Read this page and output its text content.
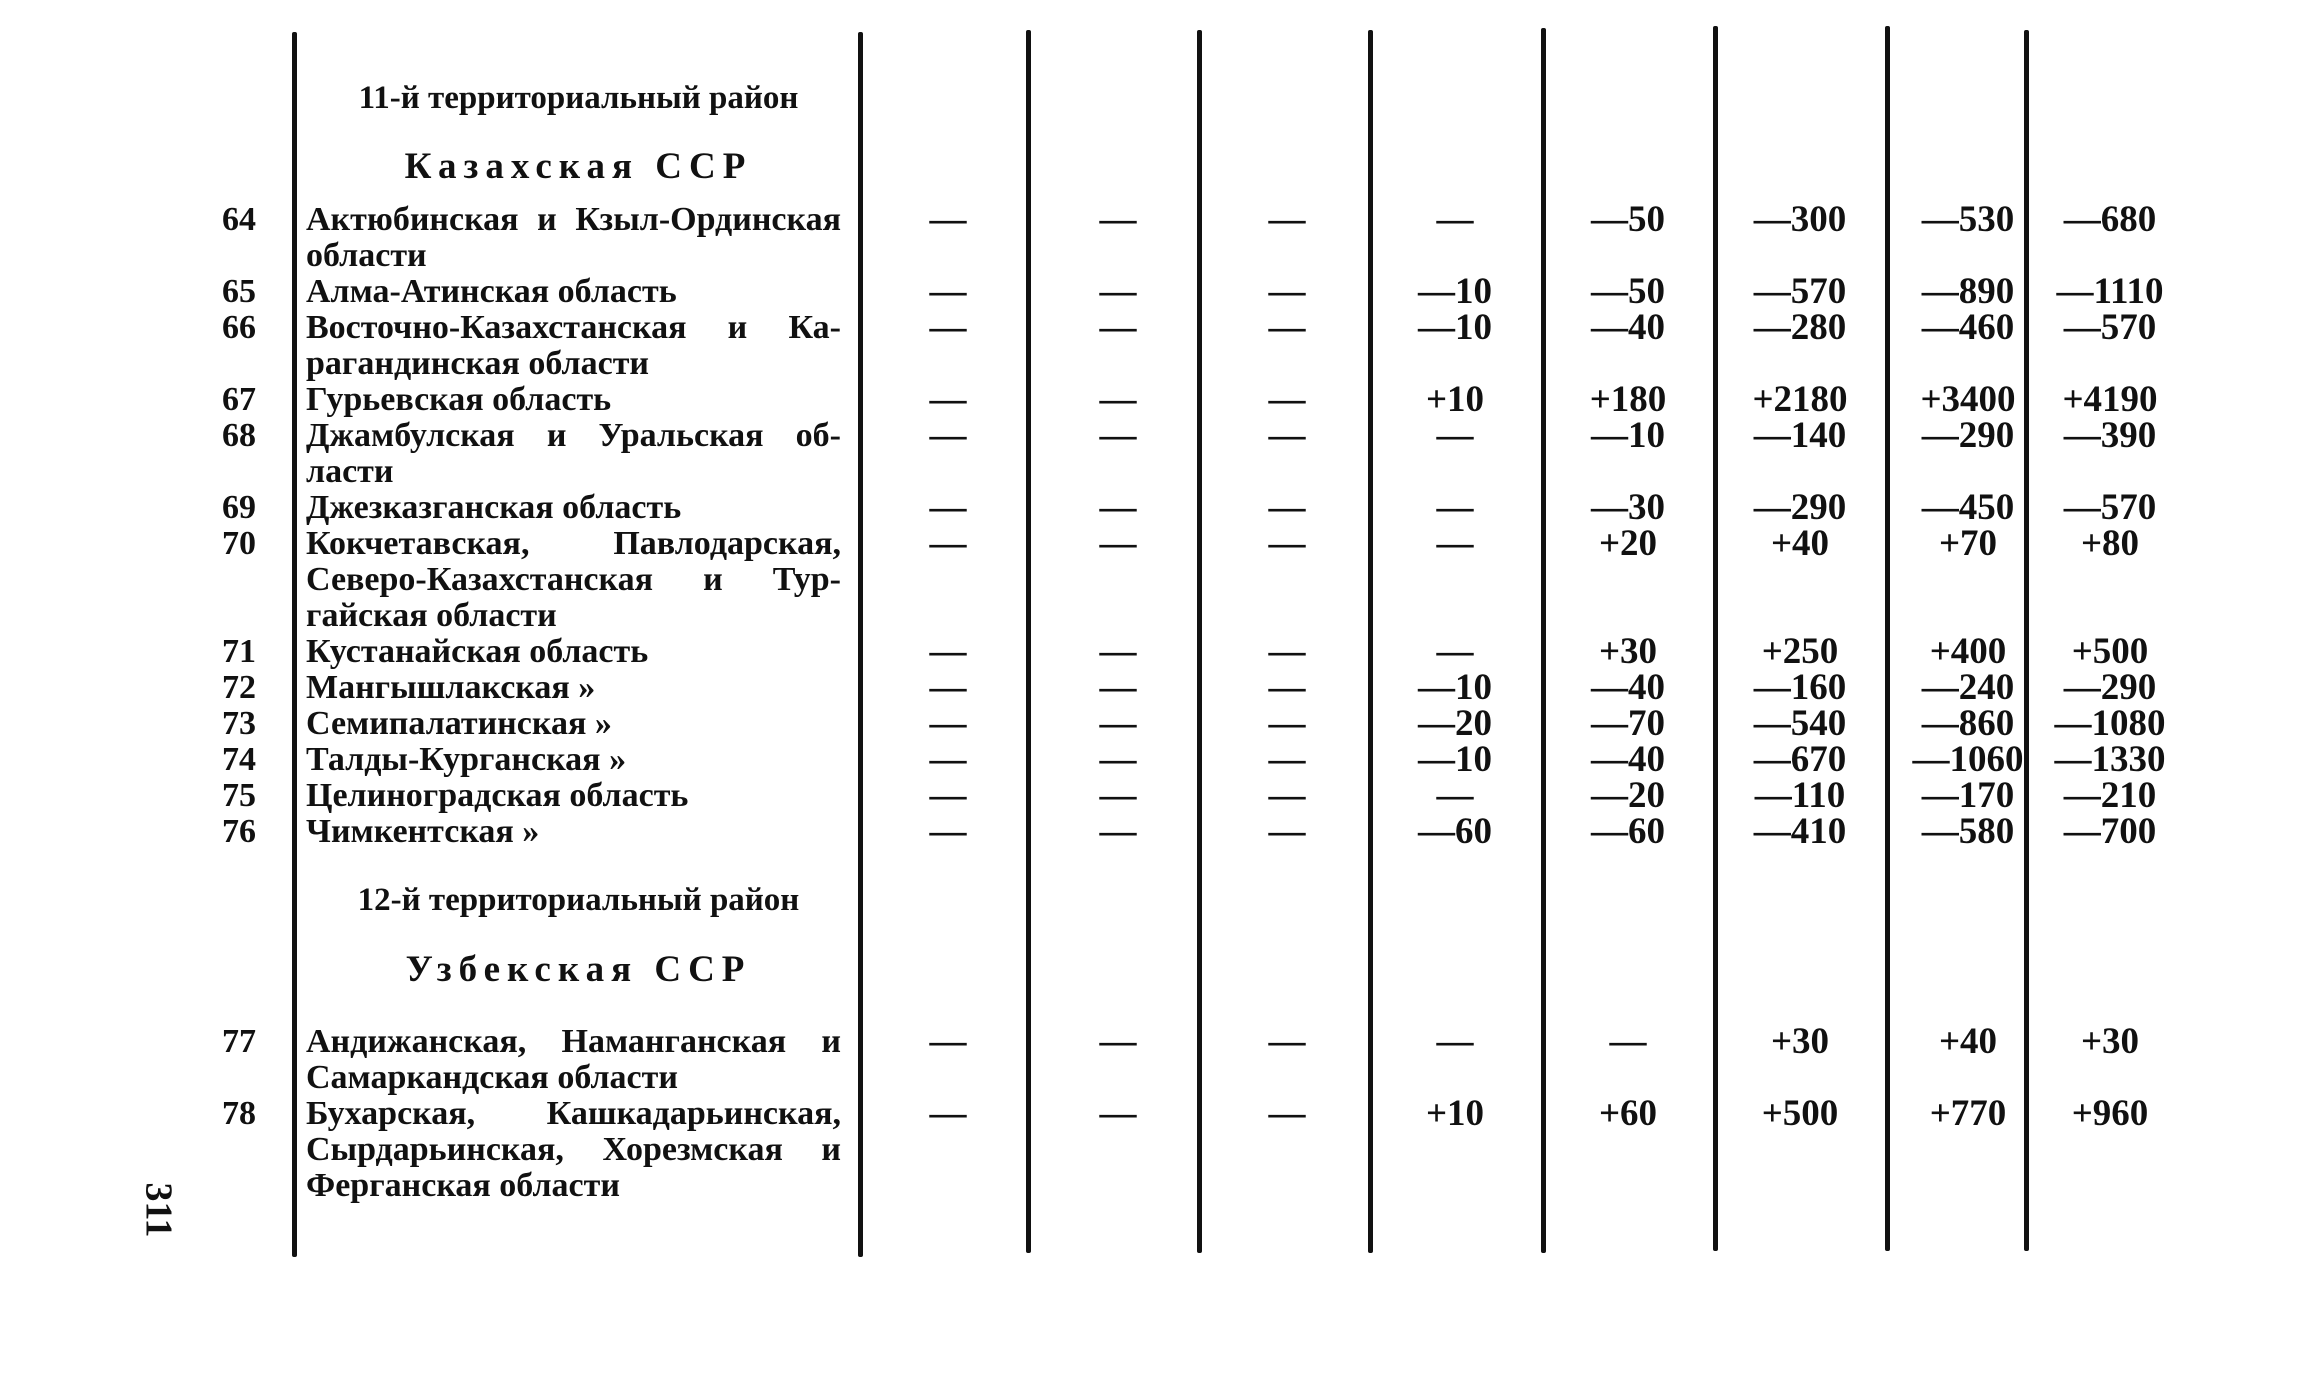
11-й территориальный район
Казахская ССР
12-й территориальный район
Узбекская ССР
64 Актюбинская и Кзыл-Ординская
области
—	—	—	—	—50	—300	—530	—680
65 Алма-Атинская область	—	—	—	—10	—50	—570	—890	—1110
66 Восточно-Казахстанская и Ка-
рагандинская области
—	—	—	—10	—40	—280	—460	—570
67 Гурьевская область	—	—	—	+10	+180	+2180	+3400	+4190
68 Джамбулская и Уральская об-
ласти
—	—	—	—	—10	—140	—290	—390
69 Джезказганская область	—	—	—	—	—30	—290	—450	—570
70 Кокчетавская, Павлодарская,
Северо-Казахстанская и Тур-
гайская области
—	—	—	—	+20	+40	+70	+80
71 Кустанайская область	—	—	—	—	+30	+250	+400	+500
72 Мангышлакская »	—	—	—	—10	—40	—160	—240	—290
73 Семипалатинская »	—	—	—	—20	—70	—540	—860	—1080
74 Талды-Курганская »	—	—	—	—10	—40	—670	—1060 —1330
75 Целиноградская область	—	—	—	—	—20	—110	—170	—210
76 Чимкентская »	—	—	—	—60	—60	—410	—580	—700
77 Андижанская, Наманганская и
Самаркандская области
—	—	—	—	—	+30	+40	+30
78 Бухарская, Кашкадарьинская,
Сырдарьинская, Хорезмская и
Ферганская области
—	—	—	+10	+60	+500	+770	+960
311
